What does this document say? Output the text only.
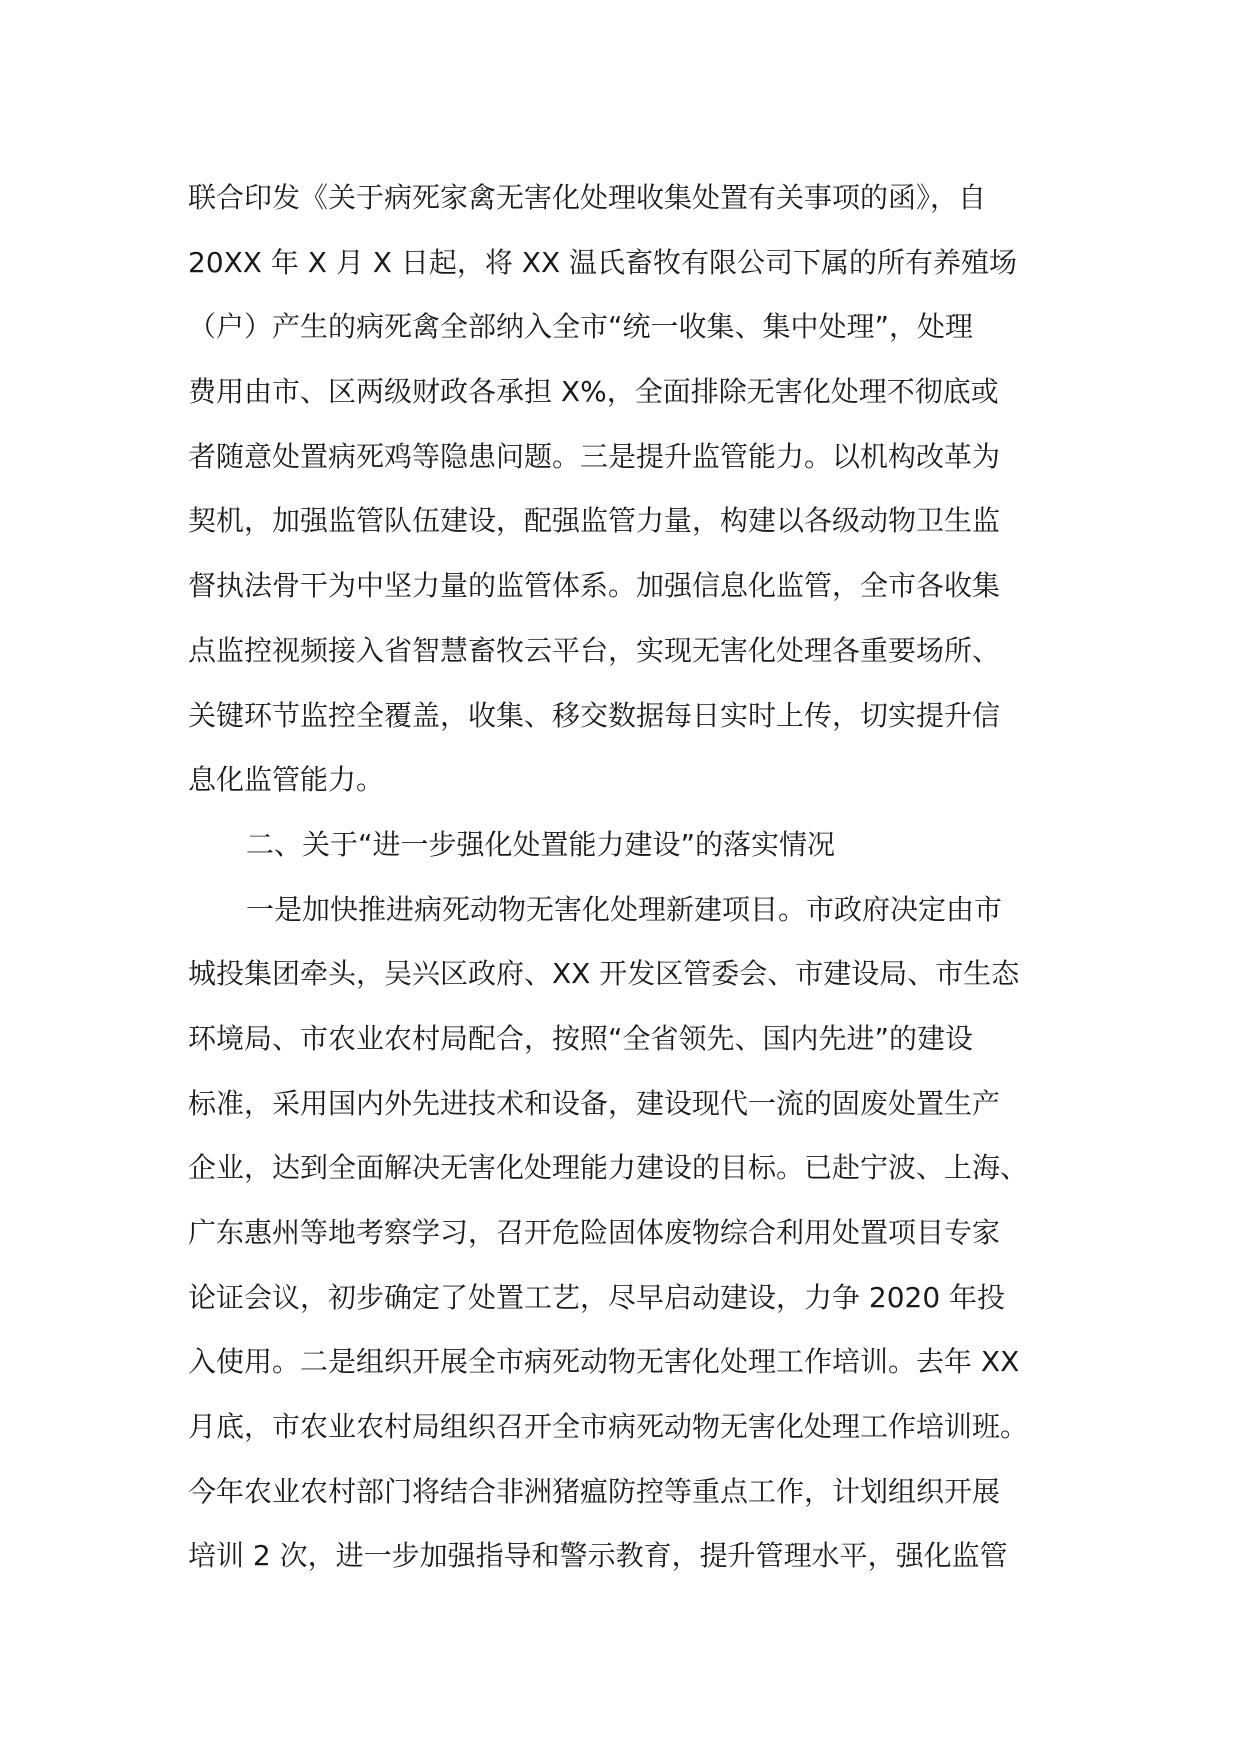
联合印发《关于病死家禽无害化处理收集处置有关事项的函》，自
20XX 年 X 月 X 日起，将 XX 温氏畜牧有限公司下属的所有养殖场
（户）产生的病死禽全部纳入全市“统一收集、集中处理”，处理
费用由市、区两级财政各承担 X%，全面排除无害化处理不彻底或
者随意处置病死鸡等隐患问题。三是提升监管能力。以机构改革为
契机，加强监管队伍建设，配强监管力量，构建以各级动物卫生监
督执法骨干为中坚力量的监管体系。加强信息化监管，全市各收集
点监控视频接入省智慧畜牧云平台，实现无害化处理各重要场所、
关键环节监控全覆盖，收集、移交数据每日实时上传，切实提升信
息化监管能力。
二、关于“进一步强化处置能力建设”的落实情况
一是加快推进病死动物无害化处理新建项目。市政府决定由市
城投集团牵头，吴兴区政府、XX 开发区管委会、市建设局、市生态
环境局、市农业农村局配合，按照“全省领先、国内先进”的建设
标准，采用国内外先进技术和设备，建设现代一流的固废处置生产
企业，达到全面解决无害化处理能力建设的目标。已赴宁波、上海、
广东惠州等地考察学习，召开危险固体废物综合利用处置项目专家
论证会议，初步确定了处置工艺，尽早启动建设，力争 2020 年投
入使用。二是组织开展全市病死动物无害化处理工作培训。去年 XX
月底，市农业农村局组织召开全市病死动物无害化处理工作培训班。
今年农业农村部门将结合非洲猪瘟防控等重点工作，计划组织开展
培训 2 次，进一步加强指导和警示教育，提升管理水平，强化监管
